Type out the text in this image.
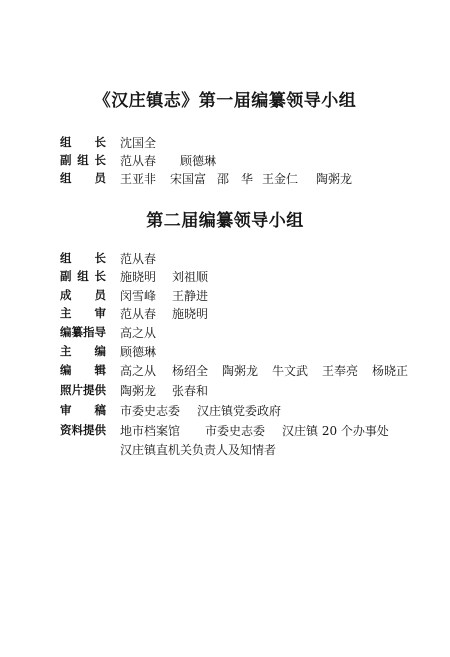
《汉庄镇志》第一届编纂领导小组
组长 沈国全
副组长 范从春 顾德琳
组员 王亚非 宋国富 邵　华 王金仁 陶粥龙
第二届编纂领导小组
组长 范从春
副组长 施晓明 刘祖顺
成员 闵雪峰 王静进
主审 范从春 施晓明
编纂指导 高之从
主编 顾德琳
编辑 高之从 杨绍全 陶粥龙 牛文武 王奉亮 杨晓正
照片提供 陶粥龙 张春和
审稿 市委史志委 汉庄镇党委政府
资料提供 地市档案馆 市委史志委 汉庄镇 20 个办事处
汉庄镇直机关负责人及知情者
